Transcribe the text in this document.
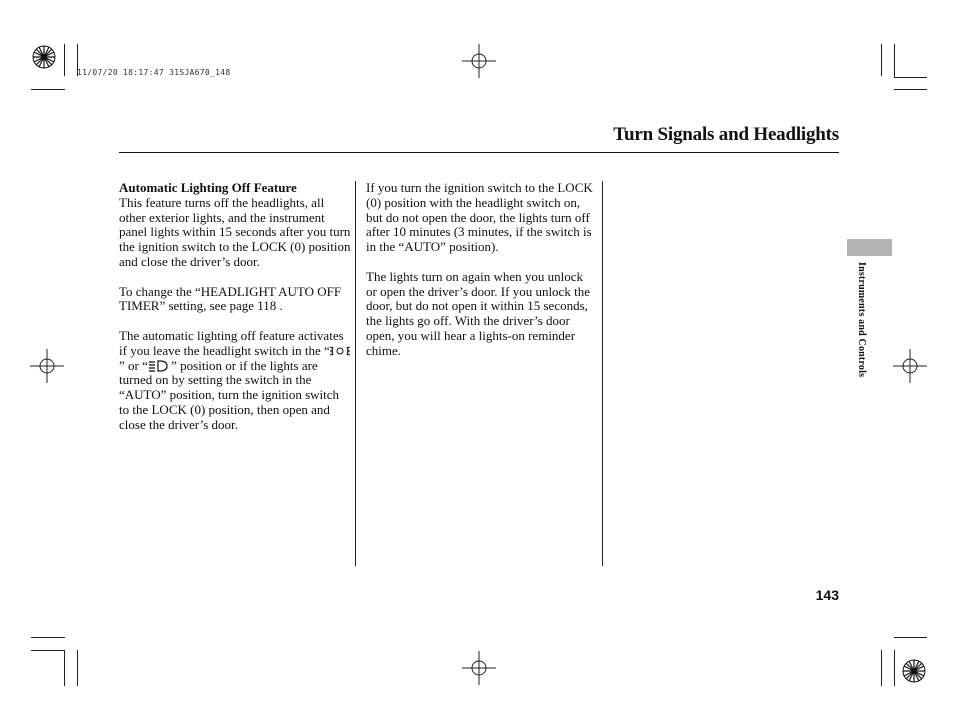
11/07/20 18:17:47 31SJA670_148
Turn Signals and Headlights
Automatic Lighting Off Feature

This feature turns off the headlights, all other exterior lights, and the instrument panel lights within 15 seconds after you turn the ignition switch to the LOCK (0) position and close the driver’s door.

To change the “HEADLIGHT AUTO OFF TIMER” setting, see page 118 .

The automatic lighting off feature activates if you leave the headlight switch in the “ ” or “ ” position or if the lights are turned on by setting the switch in the “AUTO” position, turn the ignition switch to the LOCK (0) position, then open and close the driver’s door.

If you turn the ignition switch to the LOCK (0) position with the headlight switch on, but do not open the door, the lights turn off after 10 minutes (3 minutes, if the switch is in the “AUTO” position).

The lights turn on again when you unlock or open the driver’s door. If you unlock the door, but do not open it within 15 seconds, the lights go off. With the driver’s door open, you will hear a lights-on reminder chime.	Instruments and Controls
143
